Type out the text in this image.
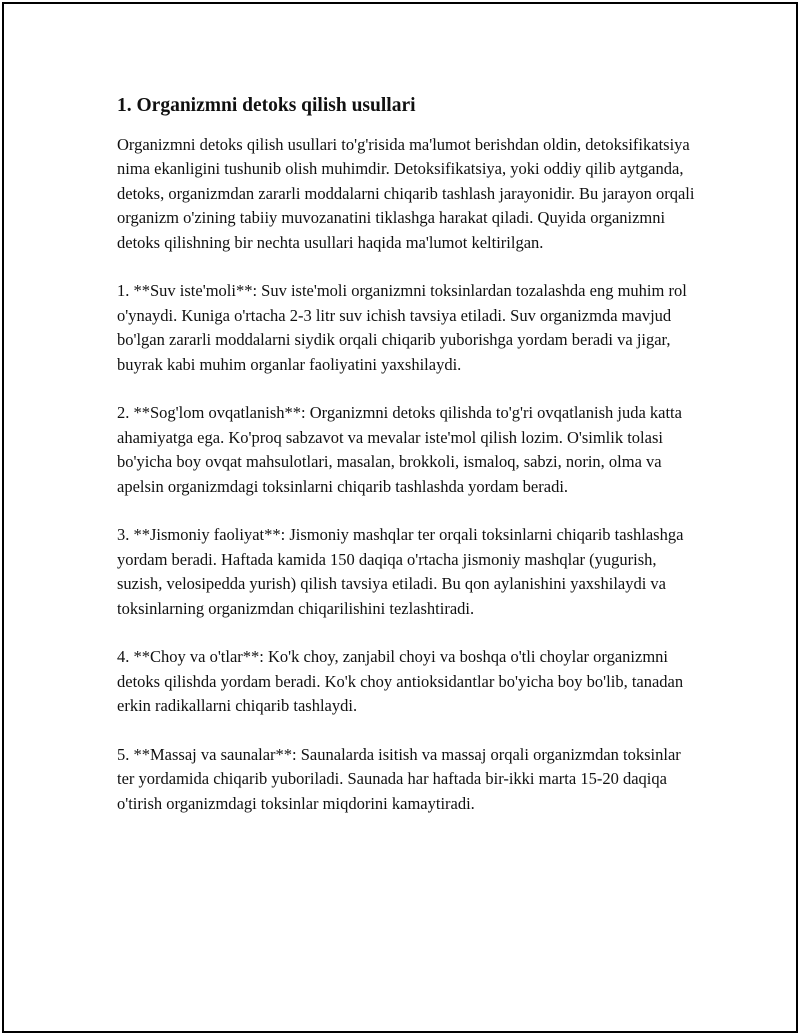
1. Organizmni detoks qilish usullari

Organizmni detoks qilish usullari to'g'risida ma'lumot berishdan oldin, detoksifikatsiya nima ekanligini tushunib olish muhimdir. Detoksifikatsiya, yoki oddiy qilib aytganda, detoks, organizmdan zararli moddalarni chiqarib tashlash jarayonidir. Bu jarayon orqali organizm o'zining tabiiy muvozanatini tiklashga harakat qiladi. Quyida organizmni detoks qilishning bir nechta usullari haqida ma'lumot keltirilgan.

1. **Suv iste'moli**: Suv iste'moli organizmni toksinlardan tozalashda eng muhim rol o'ynaydi. Kuniga o'rtacha 2-3 litr suv ichish tavsiya etiladi. Suv organizmda mavjud bo'lgan zararli moddalarni siydik orqali chiqarib yuborishga yordam beradi va jigar, buyrak kabi muhim organlar faoliyatini yaxshilaydi.

2. **Sog'lom ovqatlanish**: Organizmni detoks qilishda to'g'ri ovqatlanish juda katta ahamiyatga ega. Ko'proq sabzavot va mevalar iste'mol qilish lozim. O'simlik tolasi bo'yicha boy ovqat mahsulotlari, masalan, brokkoli, ismaloq, sabzi, norin, olma va apelsin organizmdagi toksinlarni chiqarib tashlashda yordam beradi.

3. **Jismoniy faoliyat**: Jismoniy mashqlar ter orqali toksinlarni chiqarib tashlashga yordam beradi. Haftada kamida 150 daqiqa o'rtacha jismoniy mashqlar (yugurish, suzish, velosipedda yurish) qilish tavsiya etiladi. Bu qon aylanishini yaxshilaydi va toksinlarning organizmdan chiqarilishini tezlashtiradi.

4. **Choy va o'tlar**: Ko'k choy, zanjabil choyi va boshqa o'tli choylar organizmni detoks qilishda yordam beradi. Ko'k choy antioksidantlar bo'yicha boy bo'lib, tanadan erkin radikallarni chiqarib tashlaydi.

5. **Massaj va saunalar**: Saunalarda isitish va massaj orqali organizmdan toksinlar ter yordamida chiqarib yuboriladi. Saunada har haftada bir-ikki marta 15-20 daqiqa o'tirish organizmdagi toksinlar miqdorini kamaytiradi.
